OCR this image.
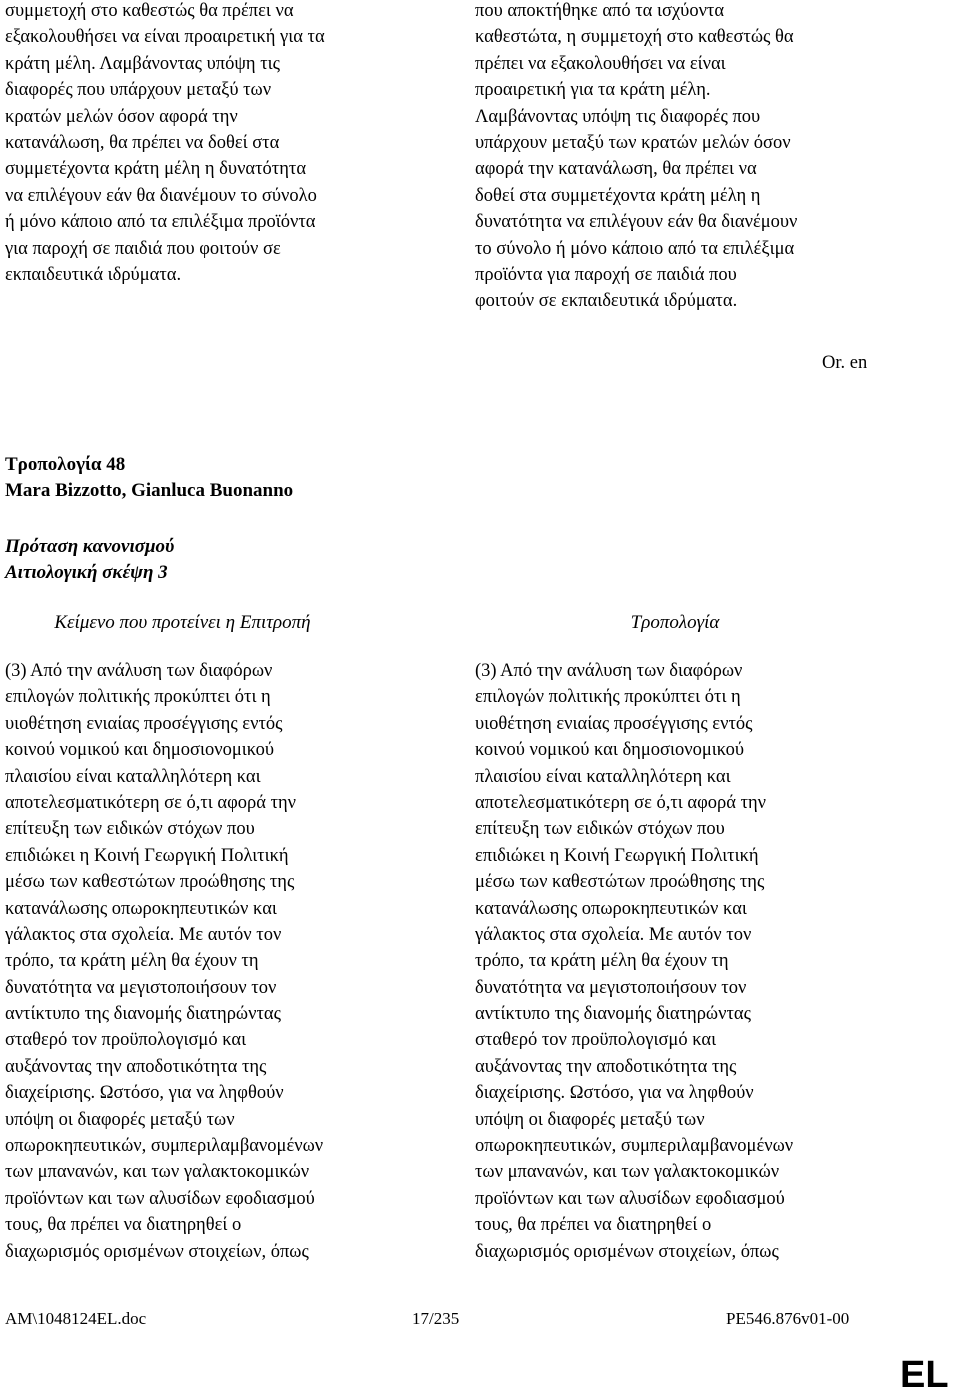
συμμετοχή στο καθεστώς θα πρέπει να
εξακολουθήσει να είναι προαιρετική για τα
κράτη μέλη. Λαμβάνοντας υπόψη τις
διαφορές που υπάρχουν μεταξύ των
κρατών μελών όσον αφορά την
κατανάλωση, θα πρέπει να δοθεί στα
συμμετέχοντα κράτη μέλη η δυνατότητα
να επιλέγουν εάν θα διανέμουν το σύνολο
ή μόνο κάποιο από τα επιλέξιμα προϊόντα
για παροχή σε παιδιά που φοιτούν σε
εκπαιδευτικά ιδρύματα.
που αποκτήθηκε από τα ισχύοντα
καθεστώτα, η συμμετοχή στο καθεστώς θα
πρέπει να εξακολουθήσει να είναι
προαιρετική για τα κράτη μέλη.
Λαμβάνοντας υπόψη τις διαφορές που
υπάρχουν μεταξύ των κρατών μελών όσον
αφορά την κατανάλωση, θα πρέπει να
δοθεί στα συμμετέχοντα κράτη μέλη η
δυνατότητα να επιλέγουν εάν θα διανέμουν
το σύνολο ή μόνο κάποιο από τα επιλέξιμα
προϊόντα για παροχή σε παιδιά που
φοιτούν σε εκπαιδευτικά ιδρύματα.
Or. en
Τροπολογία 48
Mara Bizzotto, Gianluca Buonanno
Πρόταση κανονισμού
Αιτιολογική σκέψη 3
Κείμενο που προτείνει η Επιτροπή	Τροπολογία
(3) Από την ανάλυση των διαφόρων
επιλογών πολιτικής προκύπτει ότι η
υιοθέτηση ενιαίας προσέγγισης εντός
κοινού νομικού και δημοσιονομικού
πλαισίου είναι καταλληλότερη και
αποτελεσματικότερη σε ό,τι αφορά την
επίτευξη των ειδικών στόχων που
επιδιώκει η Κοινή Γεωργική Πολιτική
μέσω των καθεστώτων προώθησης της
κατανάλωσης οπωροκηπευτικών και
γάλακτος στα σχολεία. Με αυτόν τον
τρόπο, τα κράτη μέλη θα έχουν τη
δυνατότητα να μεγιστοποιήσουν τον
αντίκτυπο της διανομής διατηρώντας
σταθερό τον προϋπολογισμό και
αυξάνοντας την αποδοτικότητα της
διαχείρισης. Ωστόσο, για να ληφθούν
υπόψη οι διαφορές μεταξύ των
οπωροκηπευτικών, συμπεριλαμβανομένων
των μπανανών, και των γαλακτοκομικών
προϊόντων και των αλυσίδων εφοδιασμού
τους, θα πρέπει να διατηρηθεί ο
διαχωρισμός ορισμένων στοιχείων, όπως
(3) Από την ανάλυση των διαφόρων
επιλογών πολιτικής προκύπτει ότι η
υιοθέτηση ενιαίας προσέγγισης εντός
κοινού νομικού και δημοσιονομικού
πλαισίου είναι καταλληλότερη και
αποτελεσματικότερη σε ό,τι αφορά την
επίτευξη των ειδικών στόχων που
επιδιώκει η Κοινή Γεωργική Πολιτική
μέσω των καθεστώτων προώθησης της
κατανάλωσης οπωροκηπευτικών και
γάλακτος στα σχολεία. Με αυτόν τον
τρόπο, τα κράτη μέλη θα έχουν τη
δυνατότητα να μεγιστοποιήσουν τον
αντίκτυπο της διανομής διατηρώντας
σταθερό τον προϋπολογισμό και
αυξάνοντας την αποδοτικότητα της
διαχείρισης. Ωστόσο, για να ληφθούν
υπόψη οι διαφορές μεταξύ των
οπωροκηπευτικών, συμπεριλαμβανομένων
των μπανανών, και των γαλακτοκομικών
προϊόντων και των αλυσίδων εφοδιασμού
τους, θα πρέπει να διατηρηθεί ο
διαχωρισμός ορισμένων στοιχείων, όπως
AM\1048124EL.doc	17/235	PE546.876v01-00
EL
